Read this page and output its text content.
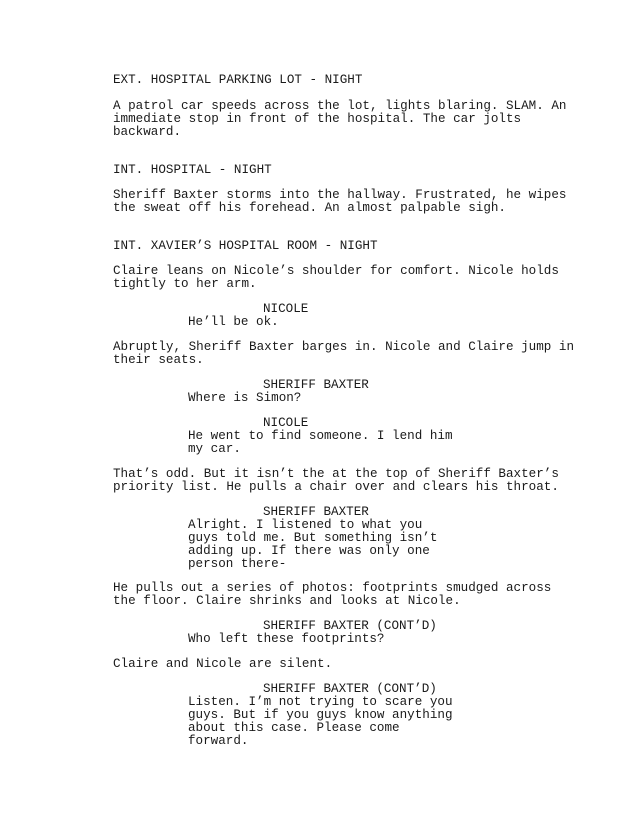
EXT. HOSPITAL PARKING LOT - NIGHT
A patrol car speeds across the lot, lights blaring. SLAM. An
immediate stop in front of the hospital. The car jolts
backward.
INT. HOSPITAL - NIGHT
Sheriff Baxter storms into the hallway. Frustrated, he wipes
the sweat off his forehead. An almost palpable sigh.
INT. XAVIER’S HOSPITAL ROOM - NIGHT
Claire leans on Nicole’s shoulder for comfort. Nicole holds
tightly to her arm.
NICOLE
He’ll be ok.
Abruptly, Sheriff Baxter barges in. Nicole and Claire jump in
their seats.
SHERIFF BAXTER
Where is Simon?
NICOLE
He went to find someone. I lend him
my car.
That’s odd. But it isn’t the at the top of Sheriff Baxter’s
priority list. He pulls a chair over and clears his throat.
SHERIFF BAXTER
Alright. I listened to what you
guys told me. But something isn’t
adding up. If there was only one
person there-
He pulls out a series of photos: footprints smudged across
the floor. Claire shrinks and looks at Nicole.
SHERIFF BAXTER (CONT’D)
Who left these footprints?
Claire and Nicole are silent.
SHERIFF BAXTER (CONT’D)
Listen. I’m not trying to scare you
guys. But if you guys know anything
about this case. Please come
forward.
